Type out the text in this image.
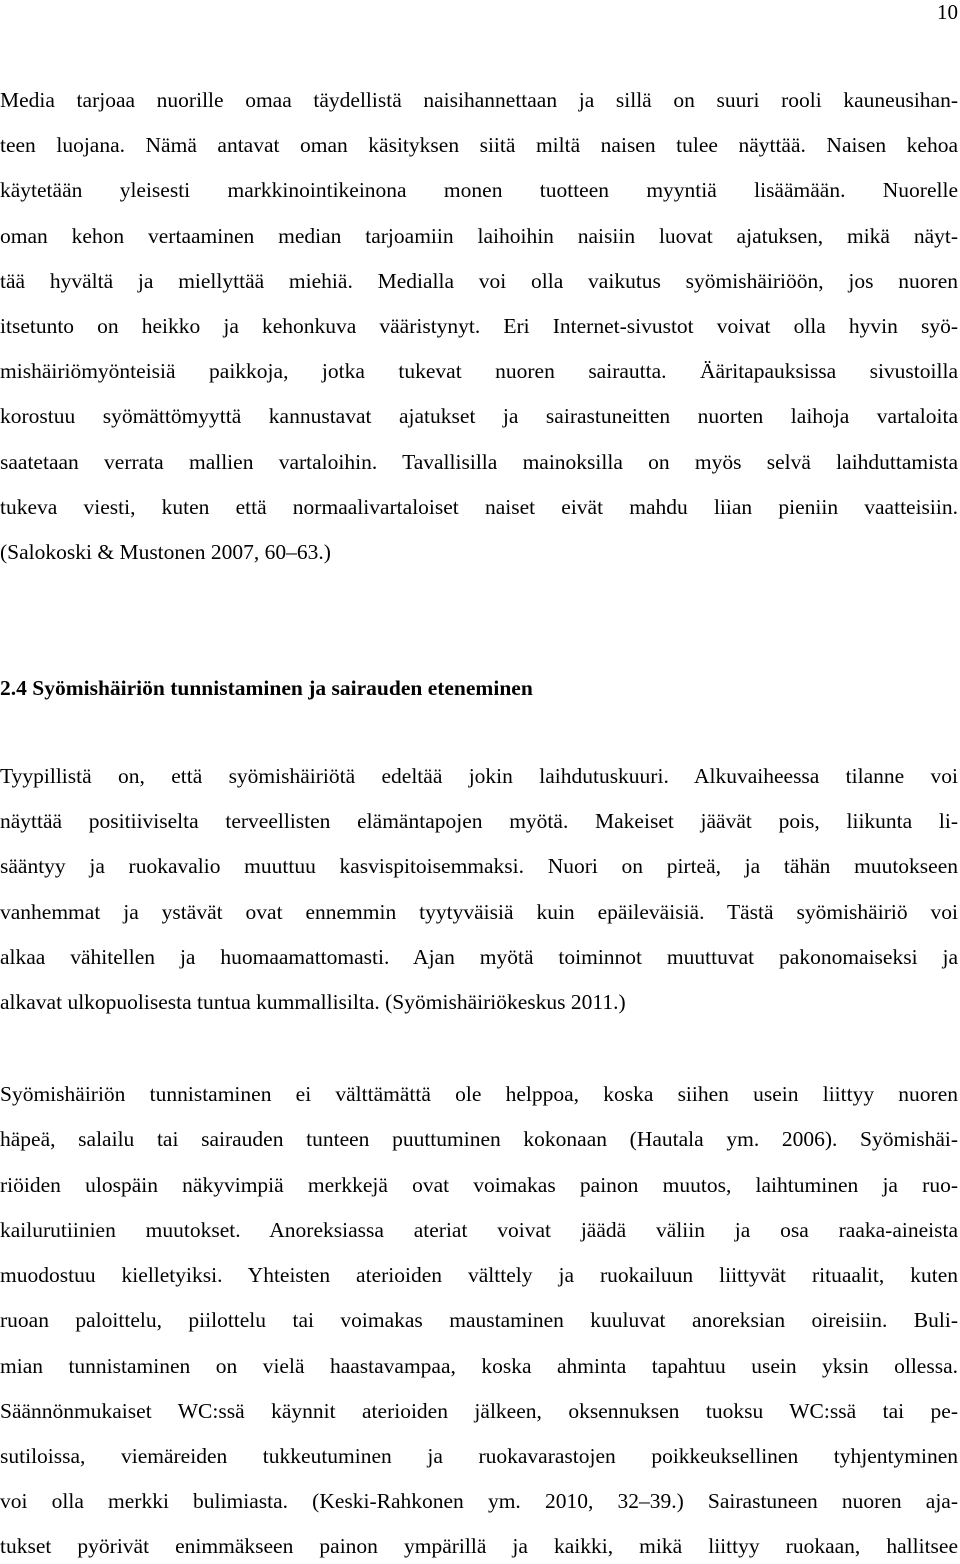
10
Media tarjoaa nuorille omaa täydellistä naisihannettaan ja sillä on suuri rooli kauneusihan-
teen luojana. Nämä antavat oman käsityksen siitä miltä naisen tulee näyttää. Naisen kehoa
käytetään yleisesti markkinointikeinona monen tuotteen myyntiä lisäämään. Nuorelle
oman kehon vertaaminen median tarjoamiin laihoihin naisiin luovat ajatuksen, mikä näyt-
tää hyvältä ja miellyttää miehiä. Medialla voi olla vaikutus syömishäiriöön, jos nuoren
itsetunto on heikko ja kehonkuva vääristynyt. Eri Internet-sivustot voivat olla hyvin syö-
mishäiriömyönteisiä paikkoja, jotka tukevat nuoren sairautta. Ääritapauksissa sivustoilla
korostuu syömättömyyttä kannustavat ajatukset ja sairastuneitten nuorten laihoja vartaloita
saatetaan verrata mallien vartaloihin. Tavallisilla mainoksilla on myös selvä laihduttamista
tukeva viesti, kuten että normaalivartaloiset naiset eivät mahdu liian pieniin vaatteisiin.
(Salokoski & Mustonen 2007, 60–63.)
2.4 Syömishäiriön tunnistaminen ja sairauden eteneminen
Tyypillistä on, että syömishäiriötä edeltää jokin laihdutuskuuri. Alkuvaiheessa tilanne voi
näyttää positiiviselta terveellisten elämäntapojen myötä. Makeiset jäävät pois, liikunta li-
sääntyy ja ruokavalio muuttuu kasvispitoisemmaksi. Nuori on pirteä, ja tähän muutokseen
vanhemmat ja ystävät ovat ennemmin tyytyväisiä kuin epäileväisiä. Tästä syömishäiriö voi
alkaa vähitellen ja huomaamattomasti. Ajan myötä toiminnot muuttuvat pakonomaiseksi ja
alkavat ulkopuolisesta tuntua kummallisilta. (Syömishäiriökeskus 2011.)
Syömishäiriön tunnistaminen ei välttämättä ole helppoa, koska siihen usein liittyy nuoren
häpeä, salailu tai sairauden tunteen puuttuminen kokonaan (Hautala ym. 2006). Syömishäi-
riöiden ulospäin näkyvimpiä merkkejä ovat voimakas painon muutos, laihtuminen ja ruo-
kailurutiinien muutokset. Anoreksiassa ateriat voivat jäädä väliin ja osa raaka-aineista
muodostuu kielletyiksi. Yhteisten aterioiden välttely ja ruokailuun liittyvät rituaalit, kuten
ruoan paloittelu, piilottelu tai voimakas maustaminen kuuluvat anoreksian oireisiin. Buli-
mian tunnistaminen on vielä haastavampaa, koska ahminta tapahtuu usein yksin ollessa.
Säännönmukaiset WC:ssä käynnit aterioiden jälkeen, oksennuksen tuoksu WC:ssä tai pe-
sutiloissa, viemäreiden tukkeutuminen ja ruokavarastojen poikkeuksellinen tyhjentyminen
voi olla merkki bulimiasta. (Keski-Rahkonen ym. 2010, 32–39.) Sairastuneen nuoren aja-
tukset pyörivät enimmäkseen painon ympärillä ja kaikki, mikä liittyy ruokaan, hallitsee
